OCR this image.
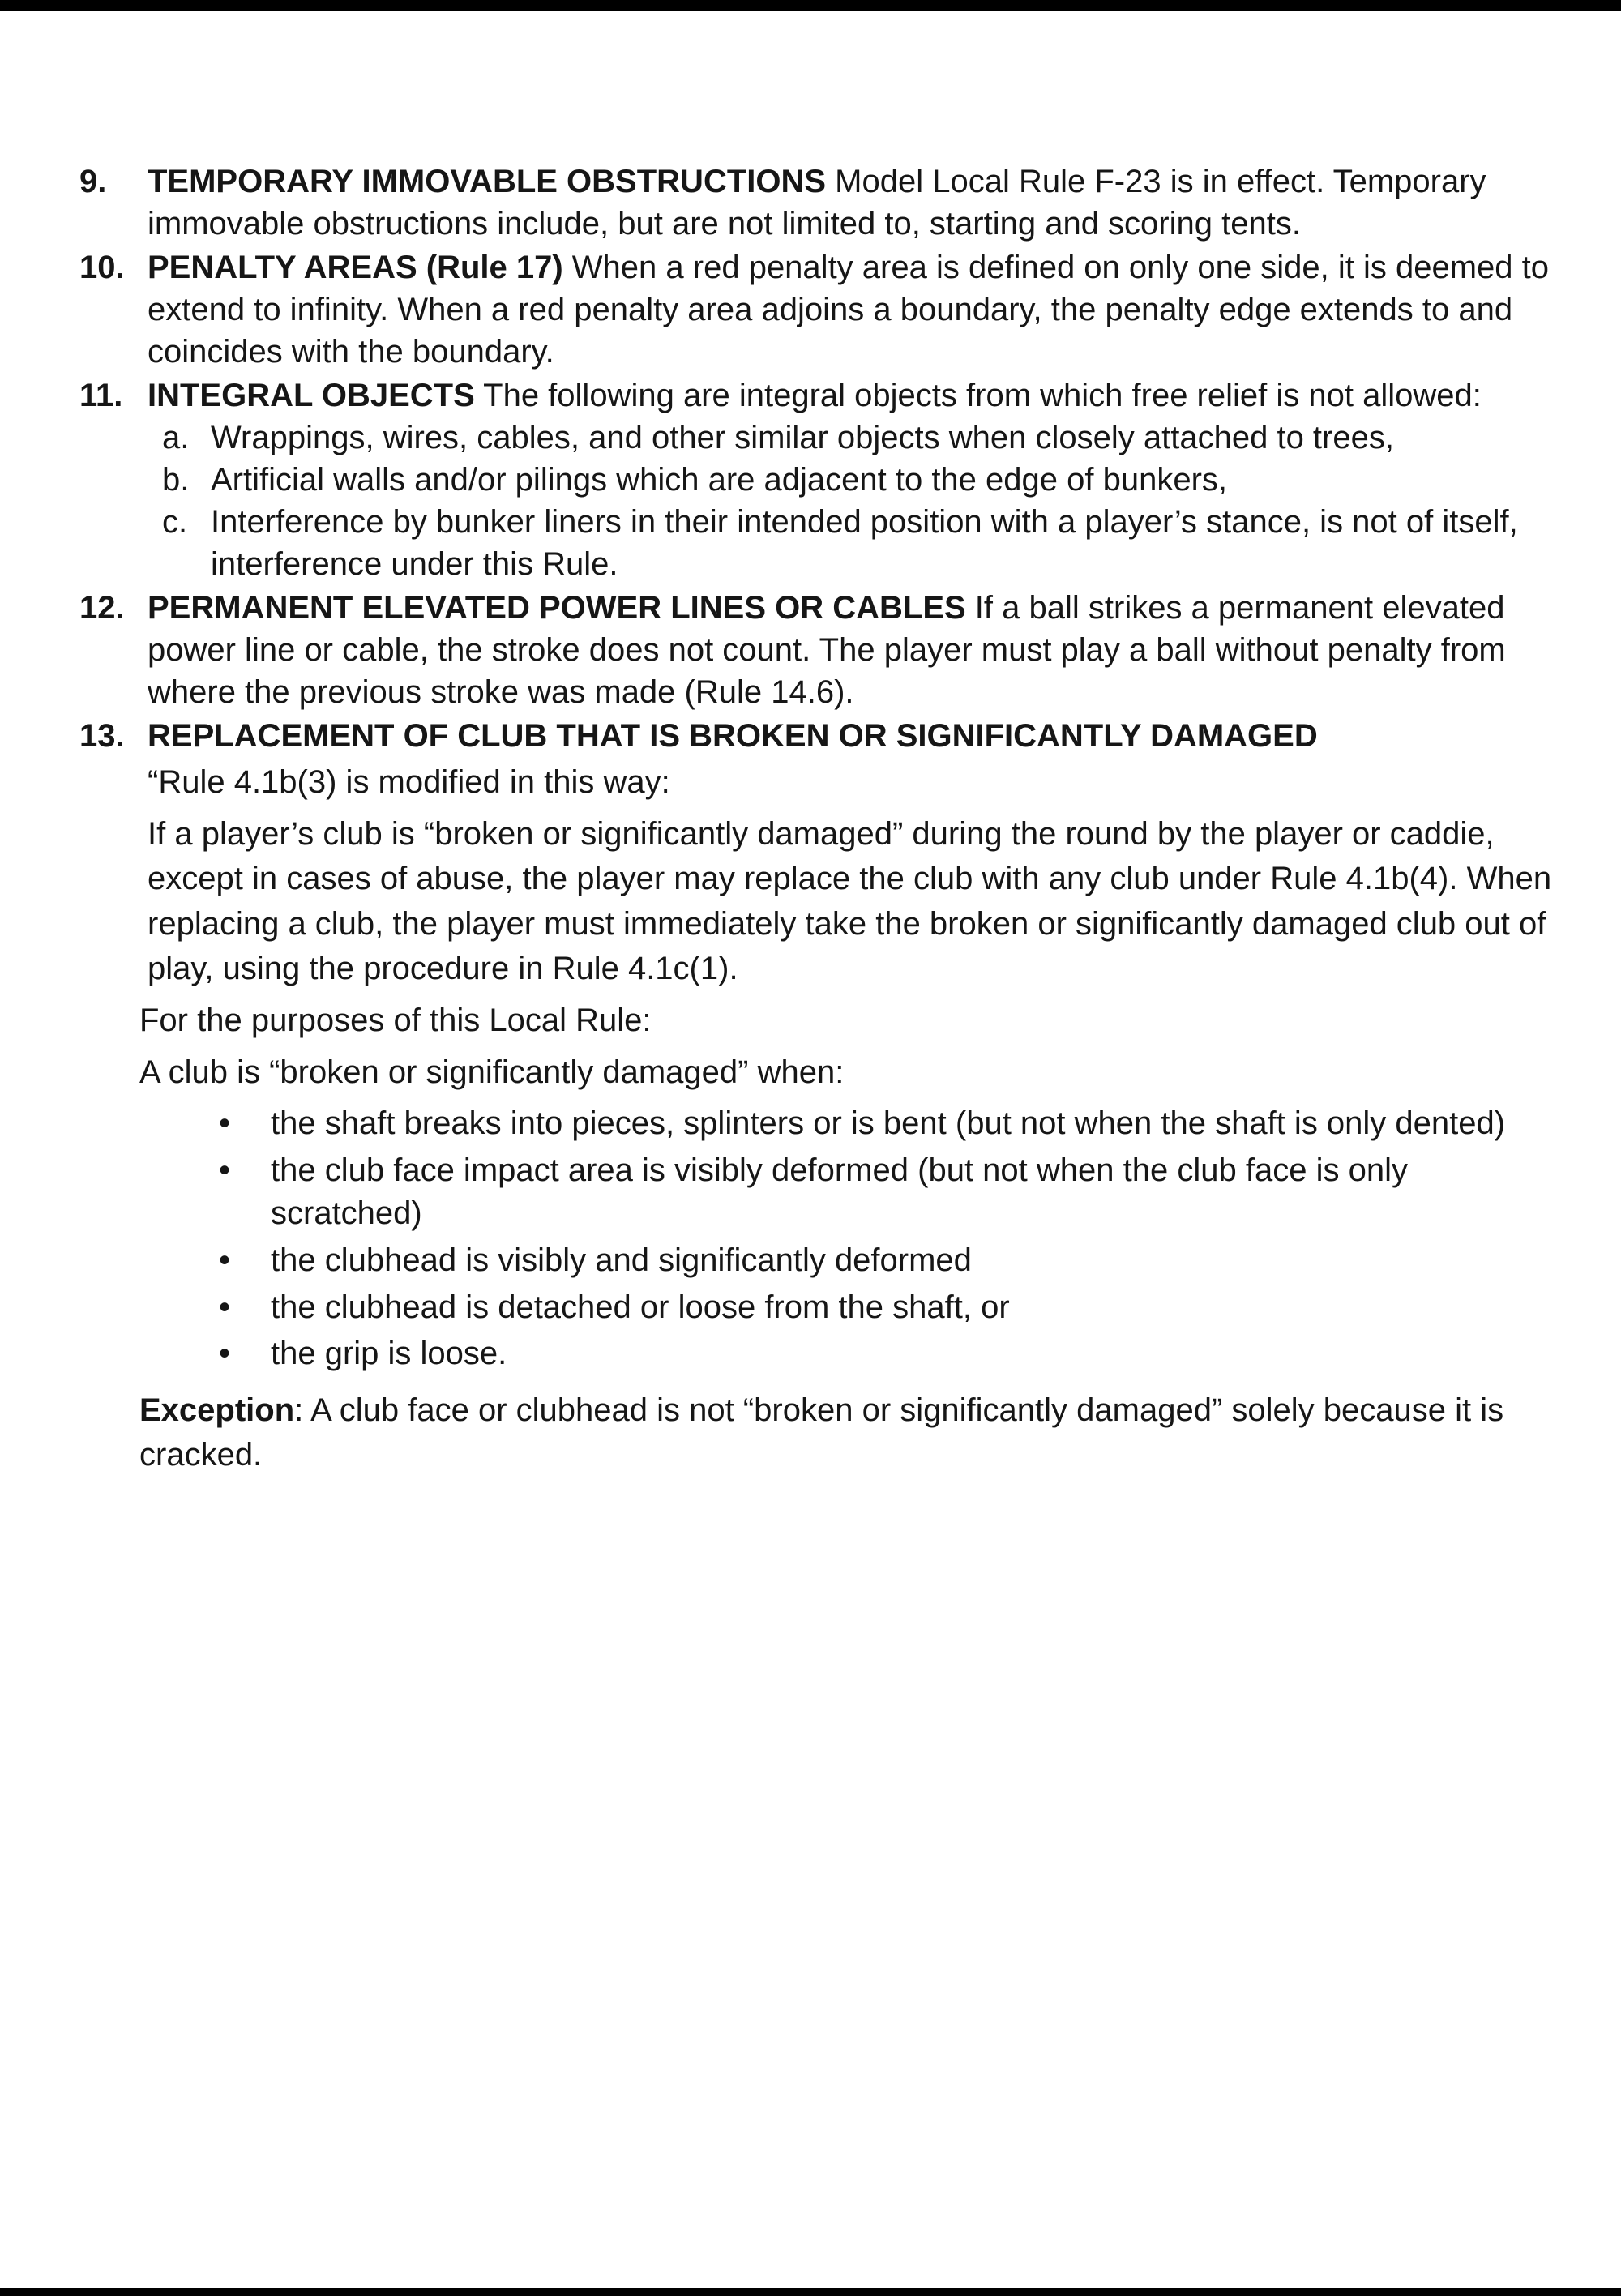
9.	TEMPORARY IMMOVABLE OBSTRUCTIONS Model Local Rule F-23 is in effect. Temporary immovable obstructions include, but are not limited to, starting and scoring tents.
10. PENALTY AREAS (Rule 17) When a red penalty area is defined on only one side, it is deemed to extend to infinity. When a red penalty area adjoins a boundary, the penalty edge extends to and coincides with the boundary.
11. INTEGRAL OBJECTS The following are integral objects from which free relief is not allowed:
a. Wrappings, wires, cables, and other similar objects when closely attached to trees,
b. Artificial walls and/or pilings which are adjacent to the edge of bunkers,
c. Interference by bunker liners in their intended position with a player’s stance, is not of itself, interference under this Rule.
12. PERMANENT ELEVATED POWER LINES OR CABLES If a ball strikes a permanent elevated power line or cable, the stroke does not count. The player must play a ball without penalty from where the previous stroke was made (Rule 14.6).
13. REPLACEMENT OF CLUB THAT IS BROKEN OR SIGNIFICANTLY DAMAGED
“Rule 4.1b(3) is modified in this way:
If a player’s club is “broken or significantly damaged” during the round by the player or caddie, except in cases of abuse, the player may replace the club with any club under Rule 4.1b(4). When replacing a club, the player must immediately take the broken or significantly damaged club out of play, using the procedure in Rule 4.1c(1).
For the purposes of this Local Rule:
A club is “broken or significantly damaged” when:
•	the shaft breaks into pieces, splinters or is bent (but not when the shaft is only dented)
•	the club face impact area is visibly deformed (but not when the club face is only scratched)
•	the clubhead is visibly and significantly deformed
•	the clubhead is detached or loose from the shaft, or
•	the grip is loose.
Exception: A club face or clubhead is not “broken or significantly damaged” solely because it is cracked.
